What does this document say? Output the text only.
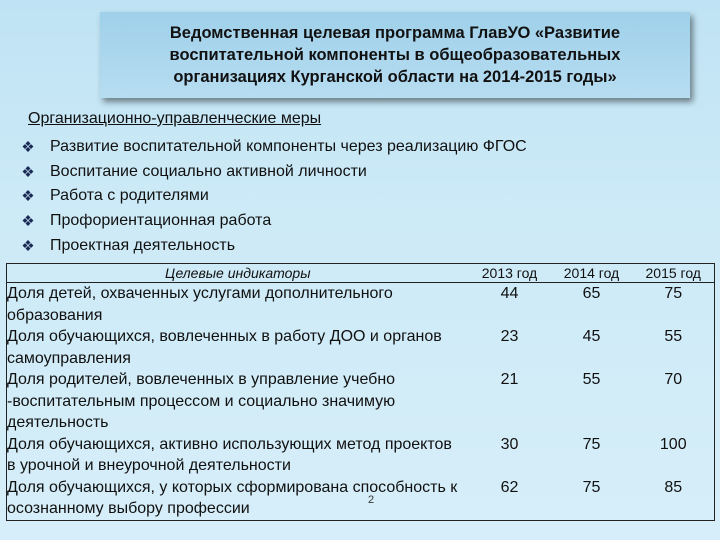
Ведомственная целевая программа ГлавУО «Развитие
воспитательной компоненты в общеобразовательных
организациях Курганской области на 2014-2015 годы»
Организационно-управленческие меры
❖ Развитие воспитательной компоненты через реализацию ФГОС
❖ Воспитание социально активной личности
❖ Работа с родителями
❖ Профориентационная работа
❖ Проектная деятельность
Целевые индикаторы	2013 год	2014 год	2015 год
Доля детей, охваченных услугами дополнительного образования	44	65	75
Доля обучающихся, вовлеченных в работу ДОО и органов самоуправления	23	45	55
Доля родителей, вовлеченных в управление учебно -воспитательным процессом и социально значимую деятельность	21	55	70
Доля обучающихся, активно использующих метод проектов в урочной и внеурочной деятельности	30	75	100
Доля обучающихся, у которых сформирована способность к осознанному выбору профессии	62	75	85
2
